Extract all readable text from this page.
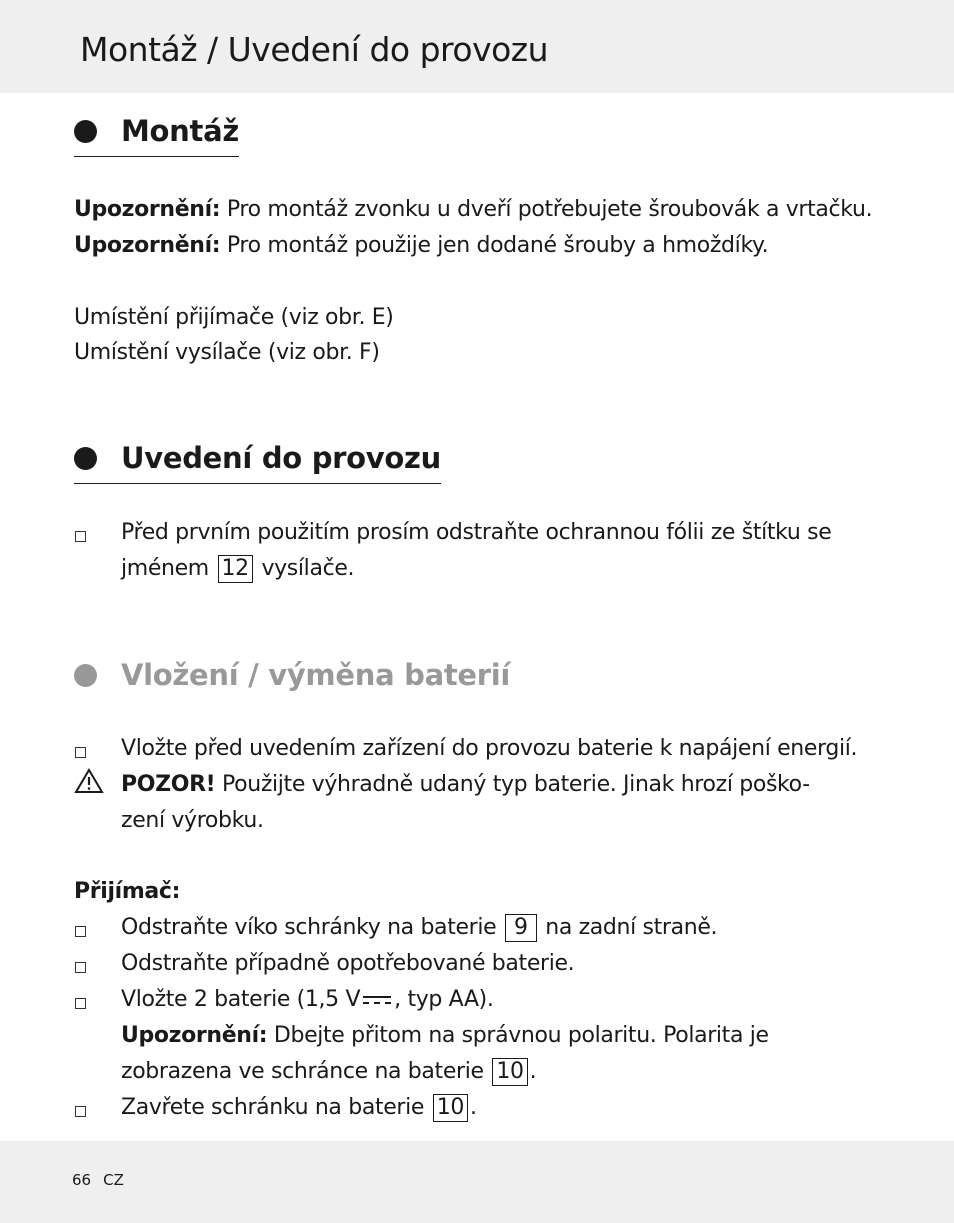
Montáž / Uvedení do provozu
Montáž
Upozornění: Pro montáž zvonku u dveří potřebujete šroubovák a vrtačku.
Upozornění: Pro montáž použije jen dodané šrouby a hmoždíky.
Umístění přijímače (viz obr. E)
Umístění vysílače (viz obr. F)
Uvedení do provozu
Před prvním použitím prosím odstraňte ochrannou fólii ze štítku se
jménem 12 vysílače.
Vložení / výměna baterií
Vložte před uvedením zařízení do provozu baterie k napájení energií.
POZOR! Použijte výhradně udaný typ baterie. Jinak hrozí poško-
zení výrobku.
Přijímač:
Odstraňte víko schránky na baterie 9 na zadní straně.
Odstraňte případně opotřebované baterie.
Vložte 2 baterie (1,5 V , typ AA).
Upozornění: Dbejte přitom na správnou polaritu. Polarita je
zobrazena ve schránce na baterie 10 .
Zavřete schránku na baterie 10 .
66 CZ
